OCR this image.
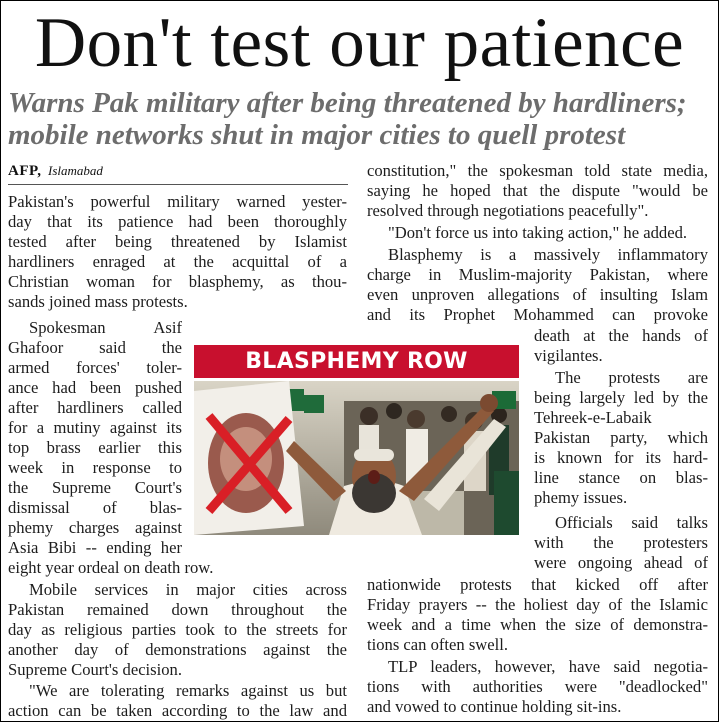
Don't test our patience
Warns Pak military after being threatened by hardliners;
mobile networks shut in major cities to quell protest
AFP, Islamabad
Pakistan's powerful military warned yester-
day that its patience had been thoroughly
tested after being threatened by Islamist
hardliners enraged at the acquittal of a
Christian woman for blasphemy, as thou-
sands joined mass protests.
Spokesman Asif
Ghafoor said the
armed forces' toler-
ance had been pushed
after hardliners called
for a mutiny against its
top brass earlier this
week in response to
the Supreme Court's
dismissal of blas-
phemy charges against
Asia Bibi -- ending her
eight year ordeal on death row.
Mobile services in major cities across
Pakistan remained down throughout the
day as religious parties took to the streets for
another day of demonstrations against the
Supreme Court's decision.
"We are tolerating remarks against us but
action can be taken according to the law and
constitution," the spokesman told state media,
saying he hoped that the dispute "would be
resolved through negotiations peacefully".
"Don't force us into taking action," he added.
Blasphemy is a massively inflammatory
charge in Muslim-majority Pakistan, where
even unproven allegations of insulting Islam
and its Prophet Mohammed can provoke
death at the hands of
vigilantes.
The protests are
being largely led by the
Tehreek-e-Labaik
Pakistan party, which
is known for its hard-
line stance on blas-
phemy issues.
Officials said talks
with the protesters
were ongoing ahead of
nationwide protests that kicked off after
Friday prayers -- the holiest day of the Islamic
week and a time when the size of demonstra-
tions can often swell.
TLP leaders, however, have said negotia-
tions with authorities were "deadlocked"
and vowed to continue holding sit-ins.
BLASPHEMY ROW
